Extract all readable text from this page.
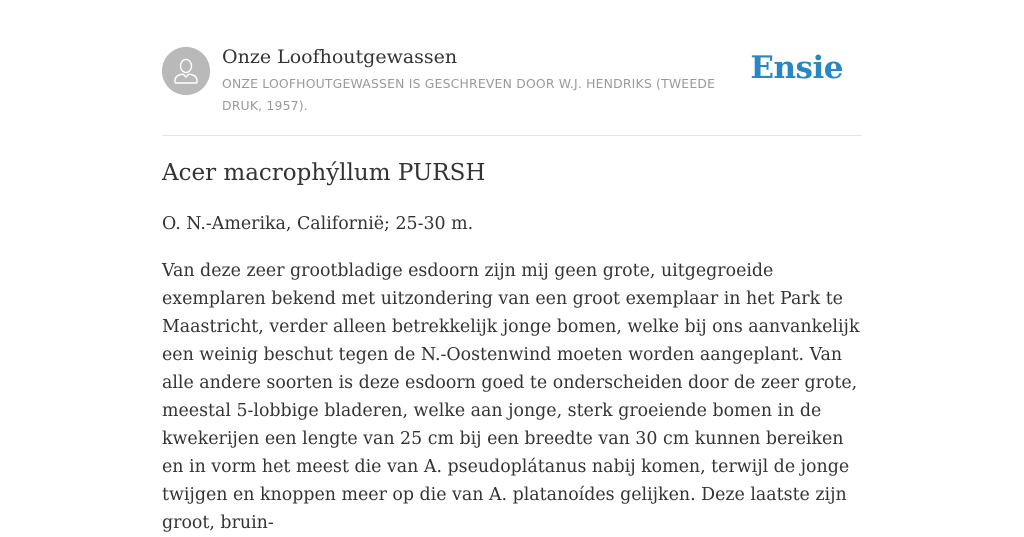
Onze Loofhoutgewassen
ONZE LOOFHOUTGEWASSEN IS GESCHREVEN DOOR W.J. HENDRIKS (TWEEDE DRUK, 1957).
Ensie
Acer macrophýllum PURSH

O. N.-Amerika, Californië; 25-30 m.

Van deze zeer grootbladige esdoorn zijn mij geen grote, uitgegroeide exemplaren bekend met uitzondering van een groot exemplaar in het Park te Maastricht, verder alleen betrekkelijk jonge bomen, welke bij ons aanvankelijk een weinig beschut tegen de N.-Oostenwind moeten worden aangeplant. Van alle andere soorten is deze esdoorn goed te onderscheiden door de zeer grote, meestal 5-lobbige bladeren, welke aan jonge, sterk groeiende bomen in de kwekerijen een lengte van 25 cm bij een breedte van 30 cm kunnen bereiken en in vorm het meest die van A. pseudoplátanus nabij komen, terwijl de jonge twijgen en knoppen meer op die van A. platanoídes gelijken. Deze laatste zijn groot, bruin-
